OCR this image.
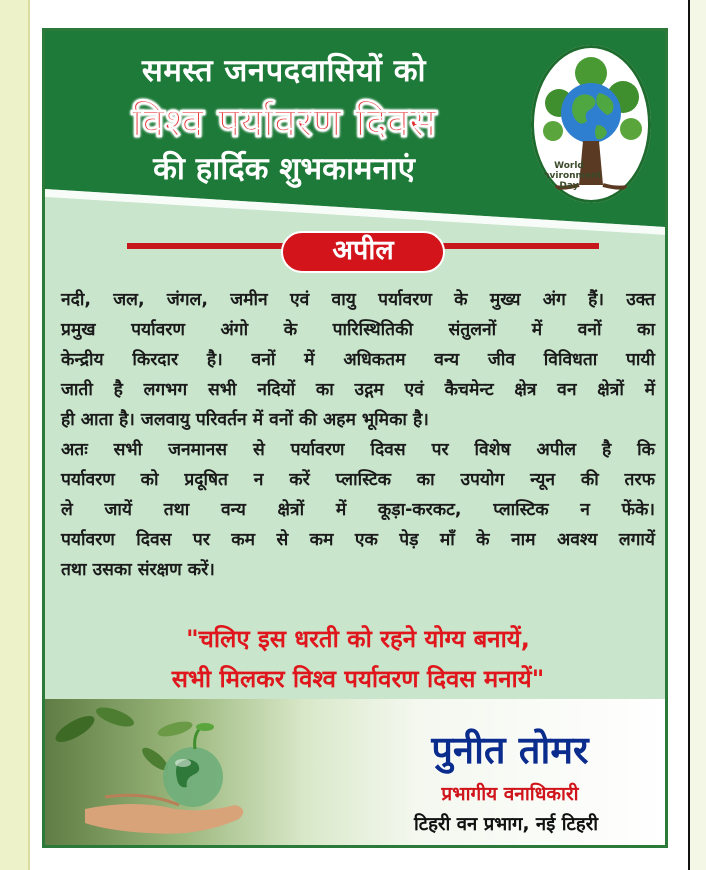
समस्त जनपदवासियों को
विश्व पर्यावरण दिवस
की हार्दिक शुभकामनाएं	World
Environment
Day
अपील
नदी, जल, जंगल, जमीन एवं वायु पर्यावरण के मुख्य अंग हैं। उक्त
प्रमुख पर्यावरण अंगो के पारिस्थितिकी संतुलनों में वनों का
केन्द्रीय किरदार है। वनों में अधिकतम वन्य जीव विविधता पायी
जाती है लगभग सभी नदियों का उद्गम एवं कैचमेन्ट क्षेत्र वन क्षेत्रों में
ही आता है। जलवायु परिवर्तन में वनों की अहम भूमिका है।
अतः सभी जनमानस से पर्यावरण दिवस पर विशेष अपील है कि
पर्यावरण को प्रदूषित न करें प्लास्टिक का उपयोग न्यून की तरफ
ले जायें तथा वन्य क्षेत्रों में कूड़ा-करकट, प्लास्टिक न फेंके।
पर्यावरण दिवस पर कम से कम एक पेड़ माँ के नाम अवश्य लगायें
तथा उसका संरक्षण करें।
"चलिए इस धरती को रहने योग्य बनायें,
सभी मिलकर विश्व पर्यावरण दिवस मनायें"
पुनीत तोमर
प्रभागीय वनाधिकारी
टिहरी वन प्रभाग, नई टिहरी
